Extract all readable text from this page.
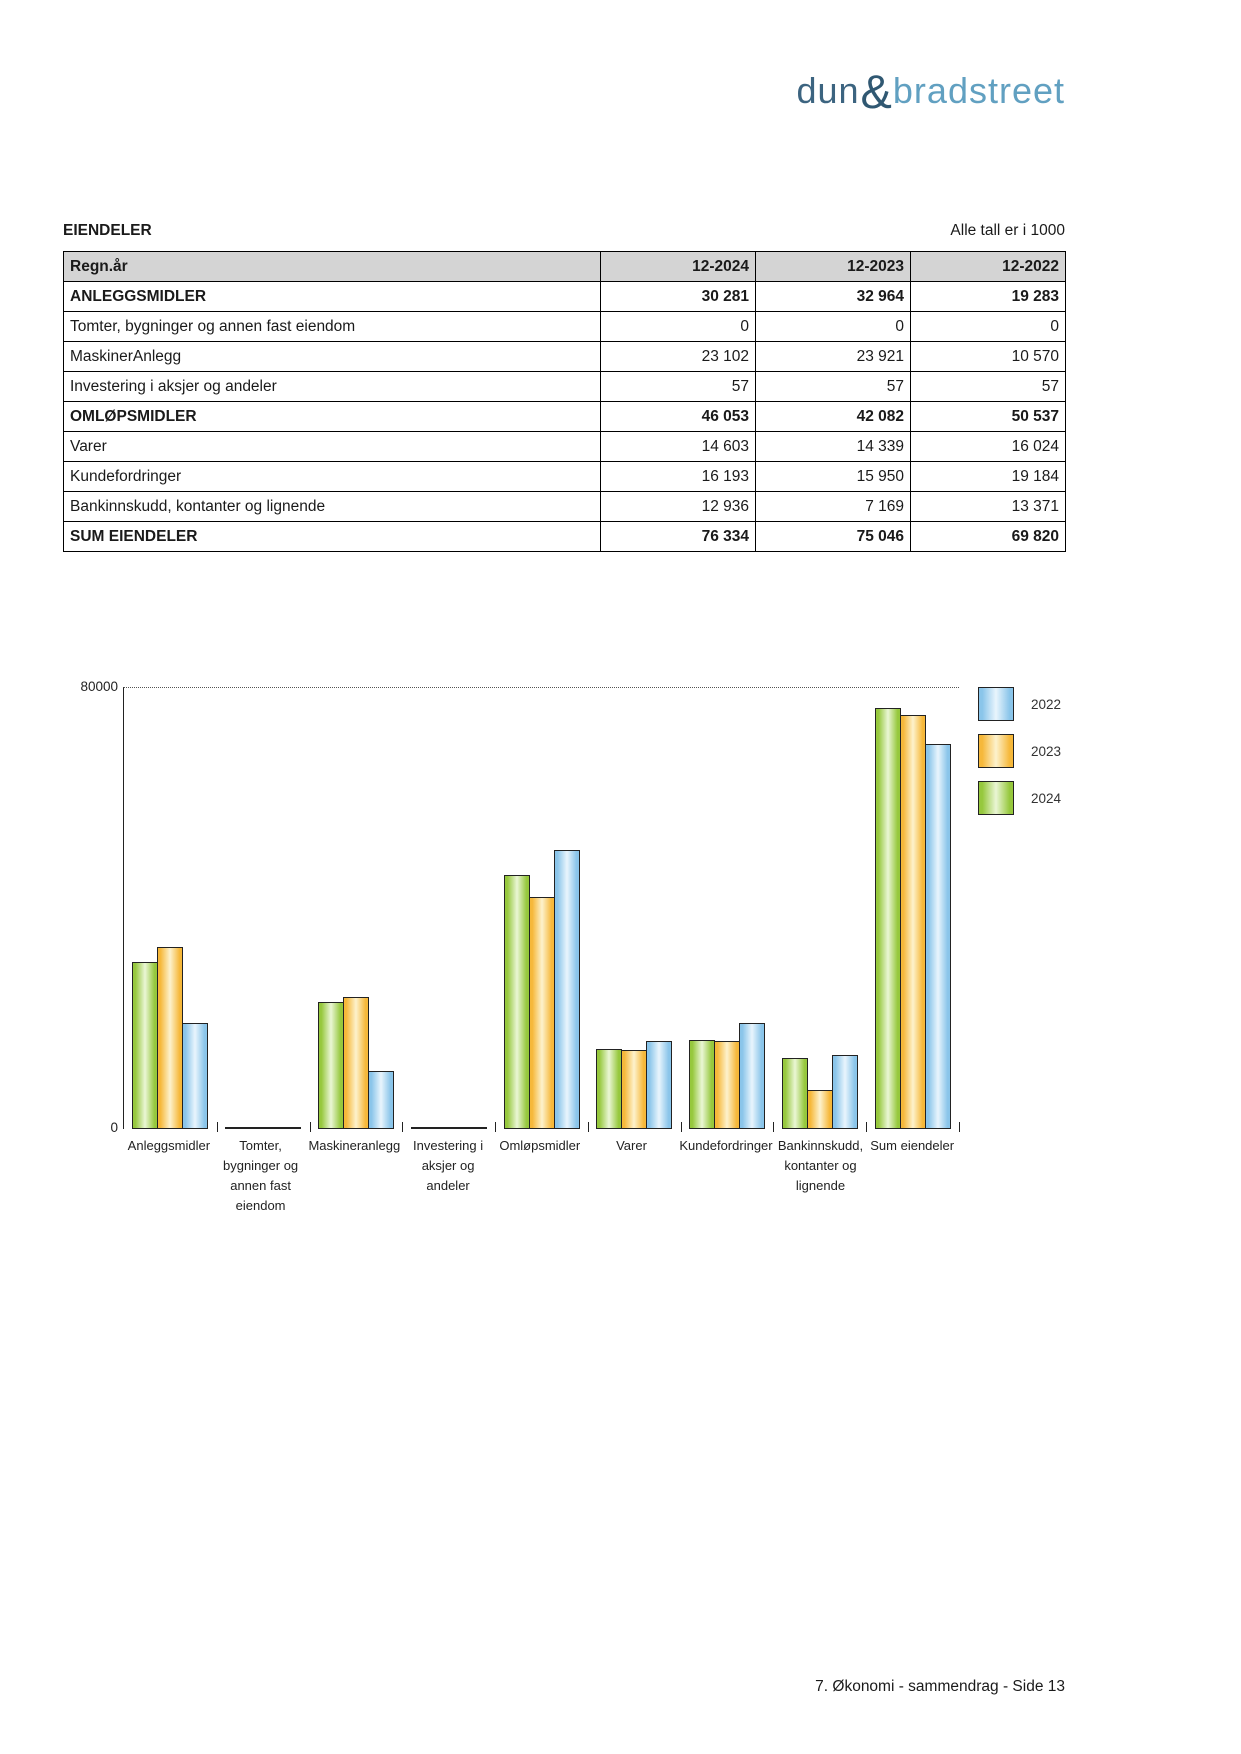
dun&bradstreet
EIENDELER	Alle tall er i 1000
Regn.år	12-2024	12-2023	12-2022
ANLEGGSMIDLER	30 281	32 964	19 283
Tomter, bygninger og annen fast eiendom	0	0	0
MaskinerAnlegg	23 102	23 921	10 570
Investering i aksjer og andeler	57	57	57
OMLØPSMIDLER	46 053	42 082	50 537
Varer	14 603	14 339	16 024
Kundefordringer	16 193	15 950	19 184
Bankinnskudd, kontanter og lignende	12 936	7 169	13 371
SUM EIENDELER	76 334	75 046	69 820
80000
0
Anleggsmidler	Tomter, bygninger og annen fast eiendom
Maskineranlegg Investering i aksjer og andeler
Omløpsmidler	Varer	Kundefordringer Bankinnskudd, kontanter og lignende
Sum eiendeler
2022
2023
2024
7. Økonomi - sammendrag - Side 13
